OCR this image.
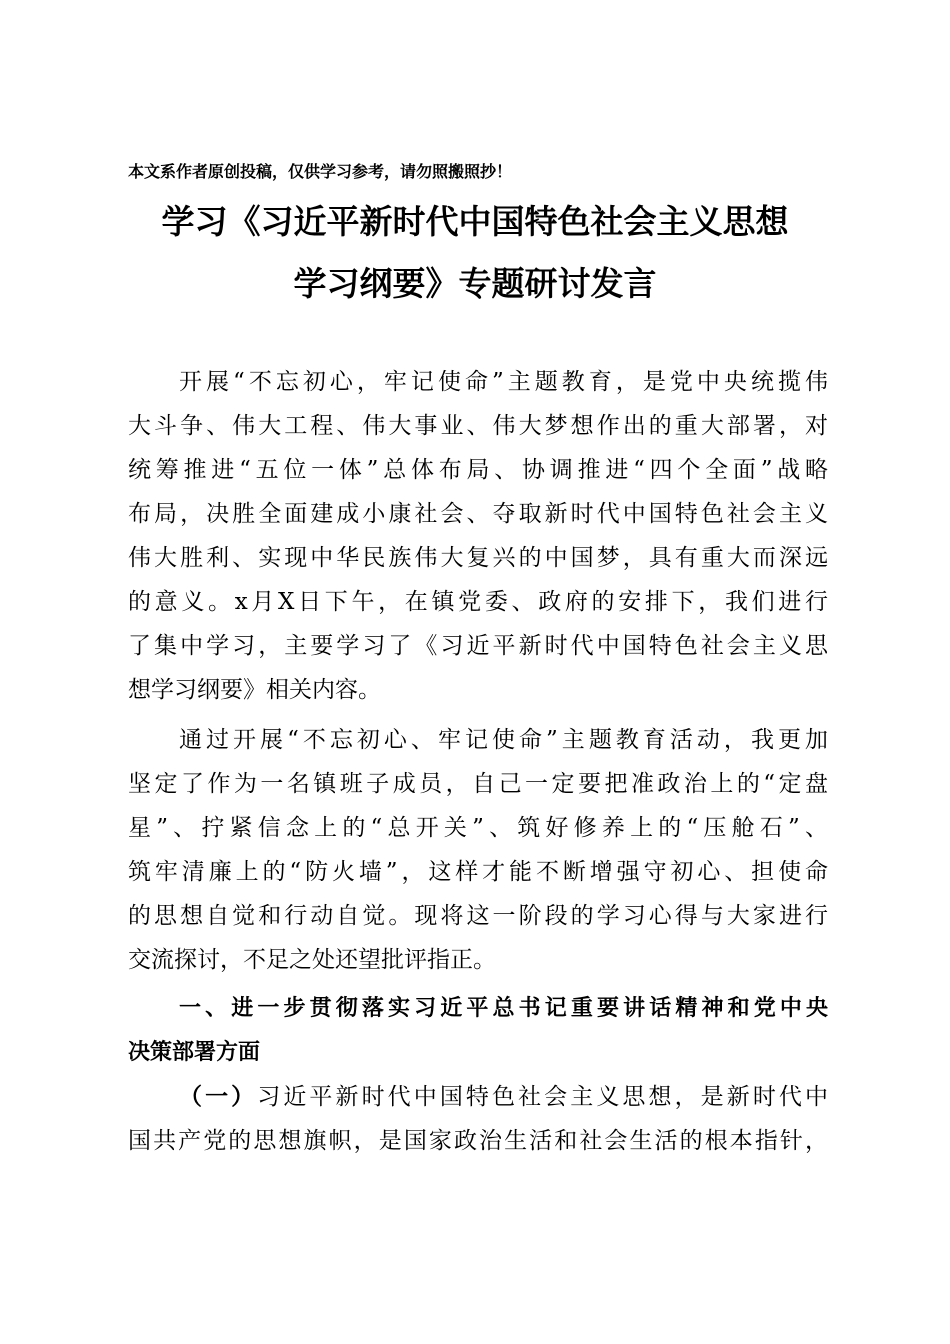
本文系作者原创投稿，仅供学习参考，请勿照搬照抄！
学习《习近平新时代中国特色社会主义思想
学习纲要》专题研讨发言
开展“不忘初心，牢记使命”主题教育，是党中央统揽伟
大斗争、伟大工程、伟大事业、伟大梦想作出的重大部署，对
统筹推进“五位一体”总体布局、协调推进“四个全面”战略
布局，决胜全面建成小康社会、夺取新时代中国特色社会主义
伟大胜利、实现中华民族伟大复兴的中国梦，具有重大而深远
的意义。x月X日下午，在镇党委、政府的安排下，我们进行
了集中学习，主要学习了《习近平新时代中国特色社会主义思
想学习纲要》相关内容。
通过开展“不忘初心、牢记使命”主题教育活动，我更加
坚定了作为一名镇班子成员，自己一定要把准政治上的“定盘
星”、拧紧信念上的“总开关”、筑好修养上的“压舱石”、
筑牢清廉上的“防火墙”，这样才能不断增强守初心、担使命
的思想自觉和行动自觉。现将这一阶段的学习心得与大家进行
交流探讨，不足之处还望批评指正。
一、进一步贯彻落实习近平总书记重要讲话精神和党中央
决策部署方面
（一）习近平新时代中国特色社会主义思想，是新时代中
国共产党的思想旗帜，是国家政治生活和社会生活的根本指针，
